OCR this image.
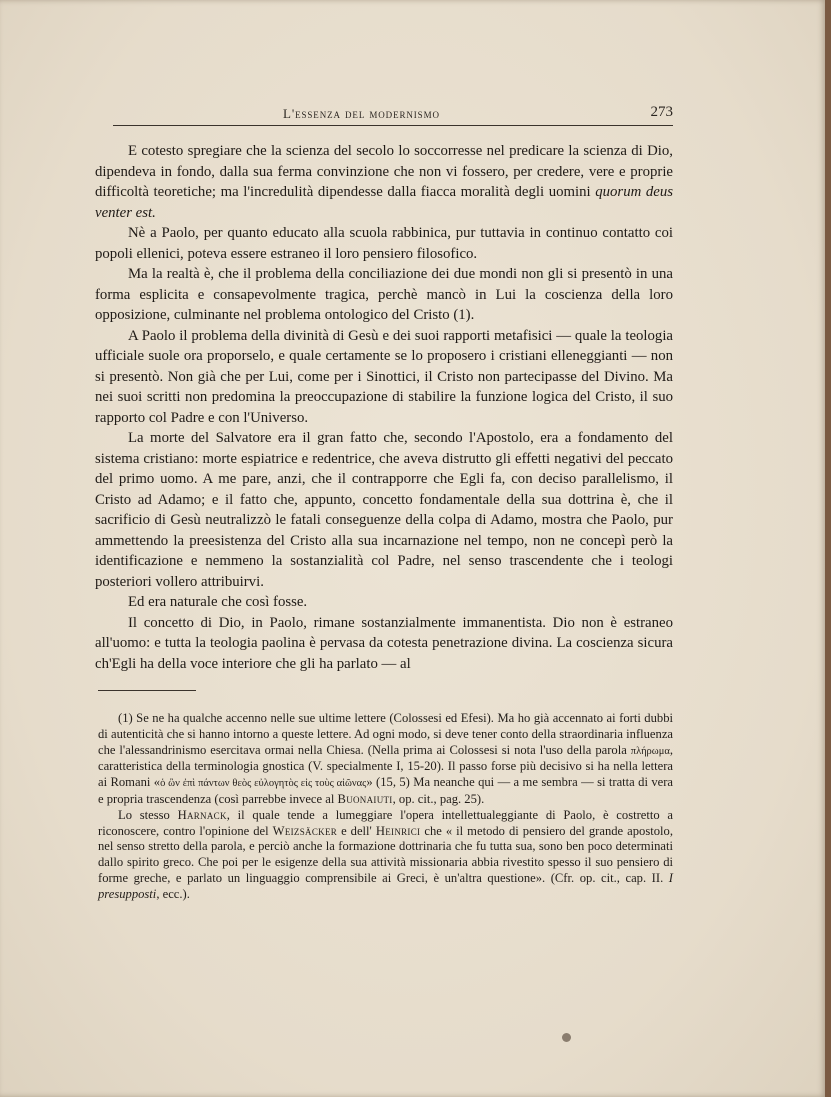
L'essenza del modernismo	273

E cotesto spregiare che la scienza del secolo lo soccorresse nel predicare la scienza di Dio, dipendeva in fondo, dalla sua ferma convinzione che non vi fossero, per credere, vere e proprie difficoltà teoretiche; ma l'incredulità dipendesse dalla fiacca moralità degli uomini quorum deus venter est.

Nè a Paolo, per quanto educato alla scuola rabbinica, pur tuttavia in continuo contatto coi popoli ellenici, poteva essere estraneo il loro pensiero filosofico.

Ma la realtà è, che il problema della conciliazione dei due mondi non gli si presentò in una forma esplicita e consapevolmente tragica, perchè mancò in Lui la coscienza della loro opposizione, culminante nel problema ontologico del Cristo (1).

A Paolo il problema della divinità di Gesù e dei suoi rapporti metafisici — quale la teologia ufficiale suole ora proporselo, e quale certamente se lo proposero i cristiani elleneggianti — non si presentò. Non già che per Lui, come per i Sinottici, il Cristo non partecipasse del Divino. Ma nei suoi scritti non predomina la preoccupazione di stabilire la funzione logica del Cristo, il suo rapporto col Padre e con l'Universo.

La morte del Salvatore era il gran fatto che, secondo l'Apostolo, era a fondamento del sistema cristiano: morte espiatrice e redentrice, che aveva distrutto gli effetti negativi del peccato del primo uomo. A me pare, anzi, che il contrapporre che Egli fa, con deciso parallelismo, il Cristo ad Adamo; e il fatto che, appunto, concetto fondamentale della sua dottrina è, che il sacrificio di Gesù neutralizzò le fatali conseguenze della colpa di Adamo, mostra che Paolo, pur ammettendo la preesistenza del Cristo alla sua incarnazione nel tempo, non ne concepì però la identificazione e nemmeno la sostanzialità col Padre, nel senso trascendente che i teologi posteriori vollero attribuirvi.

Ed era naturale che così fosse.

Il concetto di Dio, in Paolo, rimane sostanzialmente immanentista. Dio non è estraneo all'uomo: e tutta la teologia paolina è pervasa da cotesta penetrazione divina. La coscienza sicura ch'Egli ha della voce interiore che gli ha parlato — al

(1) Se ne ha qualche accenno nelle sue ultime lettere (Colossesi ed Efesi). Ma ho già accennato ai forti dubbi di autenticità che si hanno intorno a queste lettere. Ad ogni modo, si deve tener conto della straordinaria influenza che l'alessandrinismo esercitava ormai nella Chiesa. (Nella prima ai Colossesi si nota l'uso della parola πλήρωμα, caratteristica della terminologia gnostica (V. specialmente I, 15-20). Il passo forse più decisivo si ha nella lettera ai Romani «ὁ ὢν ἐπὶ πάντων θεὸς εὐλογητὸς εἰς τοὺς αἰῶνας» (15, 5) Ma neanche qui — a me sembra — si tratta di vera e propria trascendenza (così parrebbe invece al Buonaiuti, op. cit., pag. 25).

Lo stesso Harnack, il quale tende a lumeggiare l'opera intellettualeggiante di Paolo, è costretto a riconoscere, contro l'opinione del Weizsäcker e dell' Heinrici che « il metodo di pensiero del grande apostolo, nel senso stretto della parola, e perciò anche la formazione dottrinaria che fu tutta sua, sono ben poco determinati dallo spirito greco. Che poi per le esigenze della sua attività missionaria abbia rivestito spesso il suo pensiero di forme greche, e parlato un linguaggio comprensibile ai Greci, è un'altra questione». (Cfr. op. cit., cap. II. I presupposti, ecc.).
